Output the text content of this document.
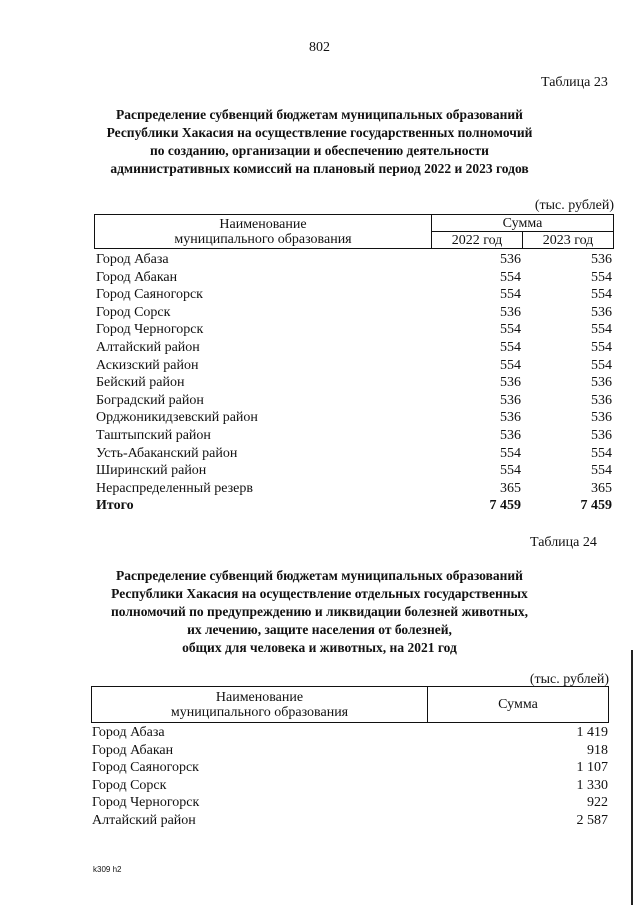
802
Таблица 23
Распределение субвенций бюджетам муниципальных образований
Республики Хакасия на осуществление государственных полномочий
по созданию, организации и обеспечению деятельности
административных комиссий на плановый период 2022 и 2023 годов
(тыс. рублей)
Наименование
муниципального образования	Сумма	
	2022 год	2023 год
Город Абаза	536	536
Город Абакан	554	554
Город Саяногорск	554	554
Город Сорск	536	536
Город Черногорск	554	554
Алтайский район	554	554
Аскизский район	554	554
Бейский район	536	536
Боградский район	536	536
Орджоникидзевский район	536	536
Таштыпский район	536	536
Усть-Абаканский район	554	554
Ширинский район	554	554
Нераспределенный резерв	365	365
Итого	7 459	7 459
Таблица 24
Распределение субвенций бюджетам муниципальных образований
Республики Хакасия на осуществление отдельных государственных
полномочий по предупреждению и ликвидации болезней животных,
их лечению, защите населения от болезней,
общих для человека и животных, на 2021 год
(тыс. рублей)
Наименование
муниципального образования	Сумма
Город Абаза	1 419
Город Абакан	918
Город Саяногорск	1 107
Город Сорск	1 330
Город Черногорск	922
Алтайский район	2 587
k309 h2
